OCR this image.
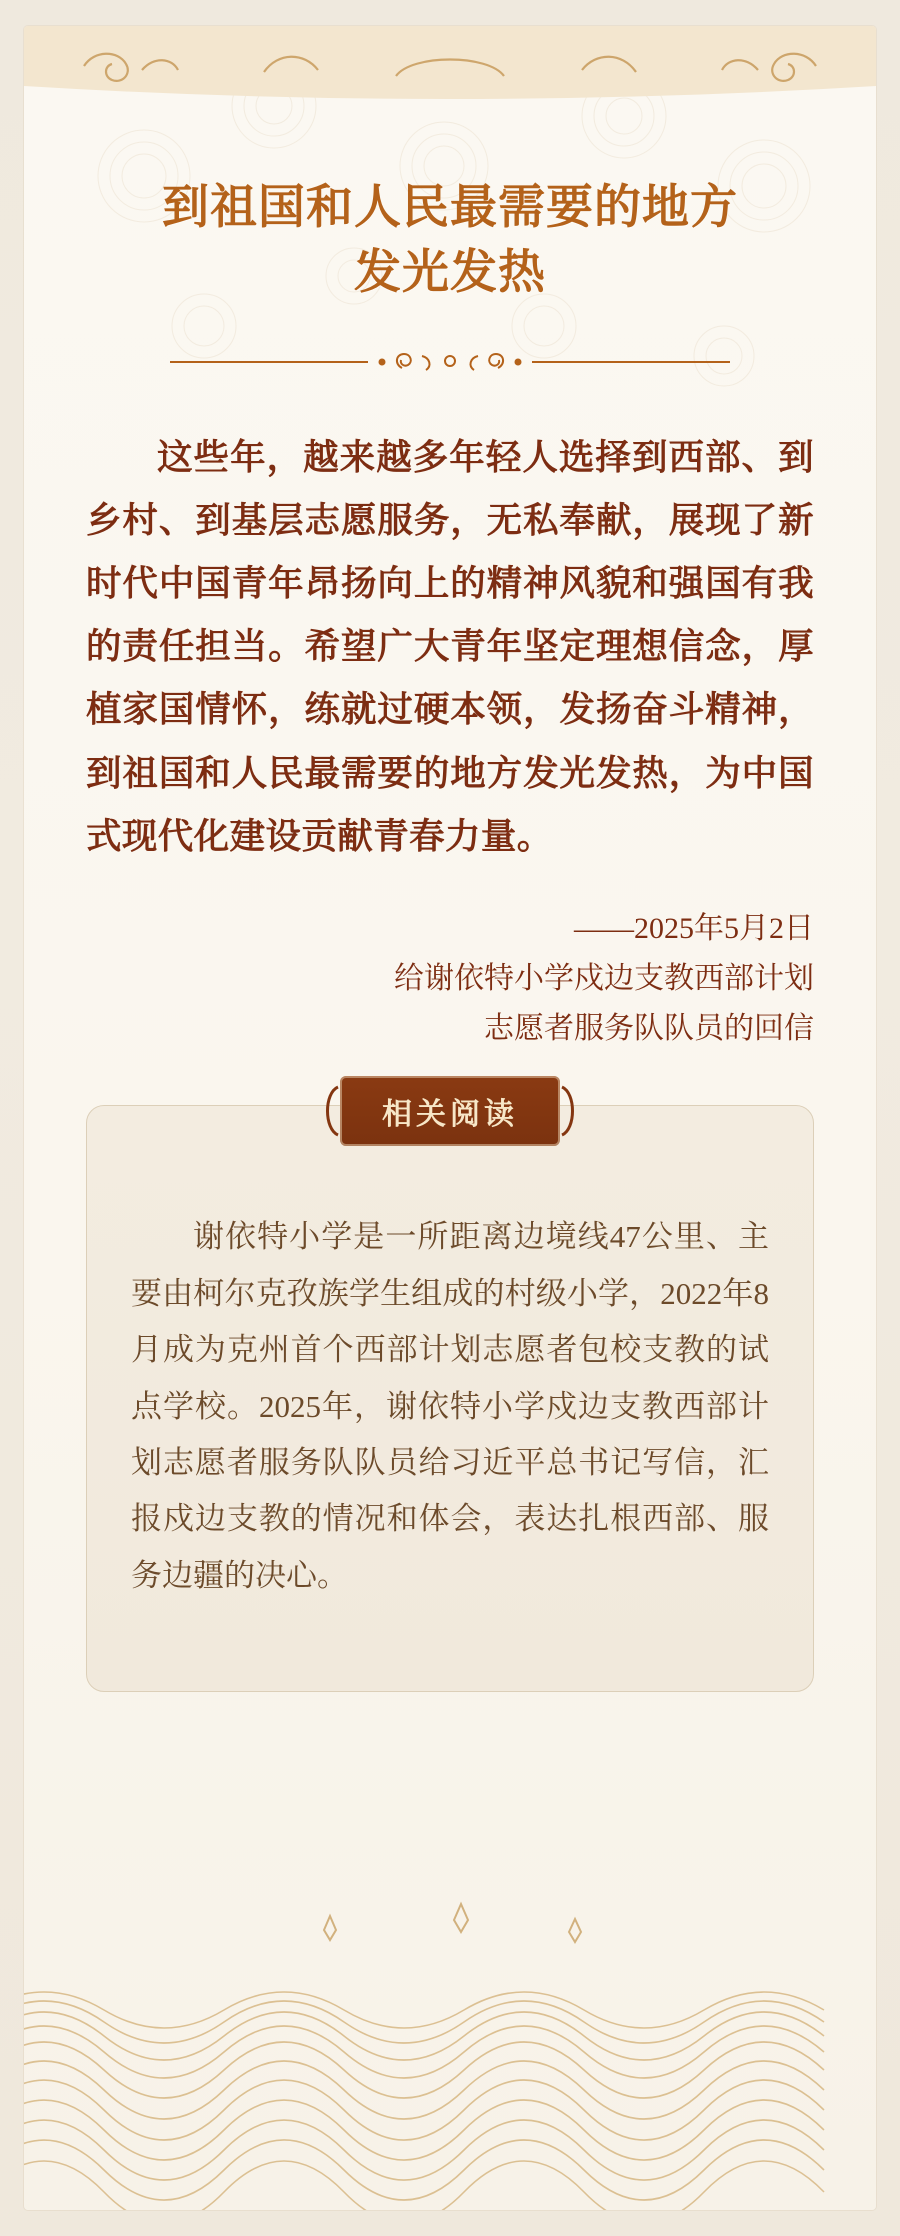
到祖国和人民最需要的地方
发光发热

这些年，越来越多年轻人选择到西部、到乡村、到基层志愿服务，无私奉献，展现了新时代中国青年昂扬向上的精神风貌和强国有我的责任担当。希望广大青年坚定理想信念，厚植家国情怀，练就过硬本领，发扬奋斗精神，到祖国和人民最需要的地方发光发热，为中国式现代化建设贡献青春力量。

——2025年5月2日
给谢依特小学戍边支教西部计划
志愿者服务队队员的回信
相关阅读

谢依特小学是一所距离边境线47公里、主要由柯尔克孜族学生组成的村级小学，2022年8月成为克州首个西部计划志愿者包校支教的试点学校。2025年，谢依特小学戍边支教西部计划志愿者服务队队员给习近平总书记写信，汇报戍边支教的情况和体会，表达扎根西部、服务边疆的决心。
